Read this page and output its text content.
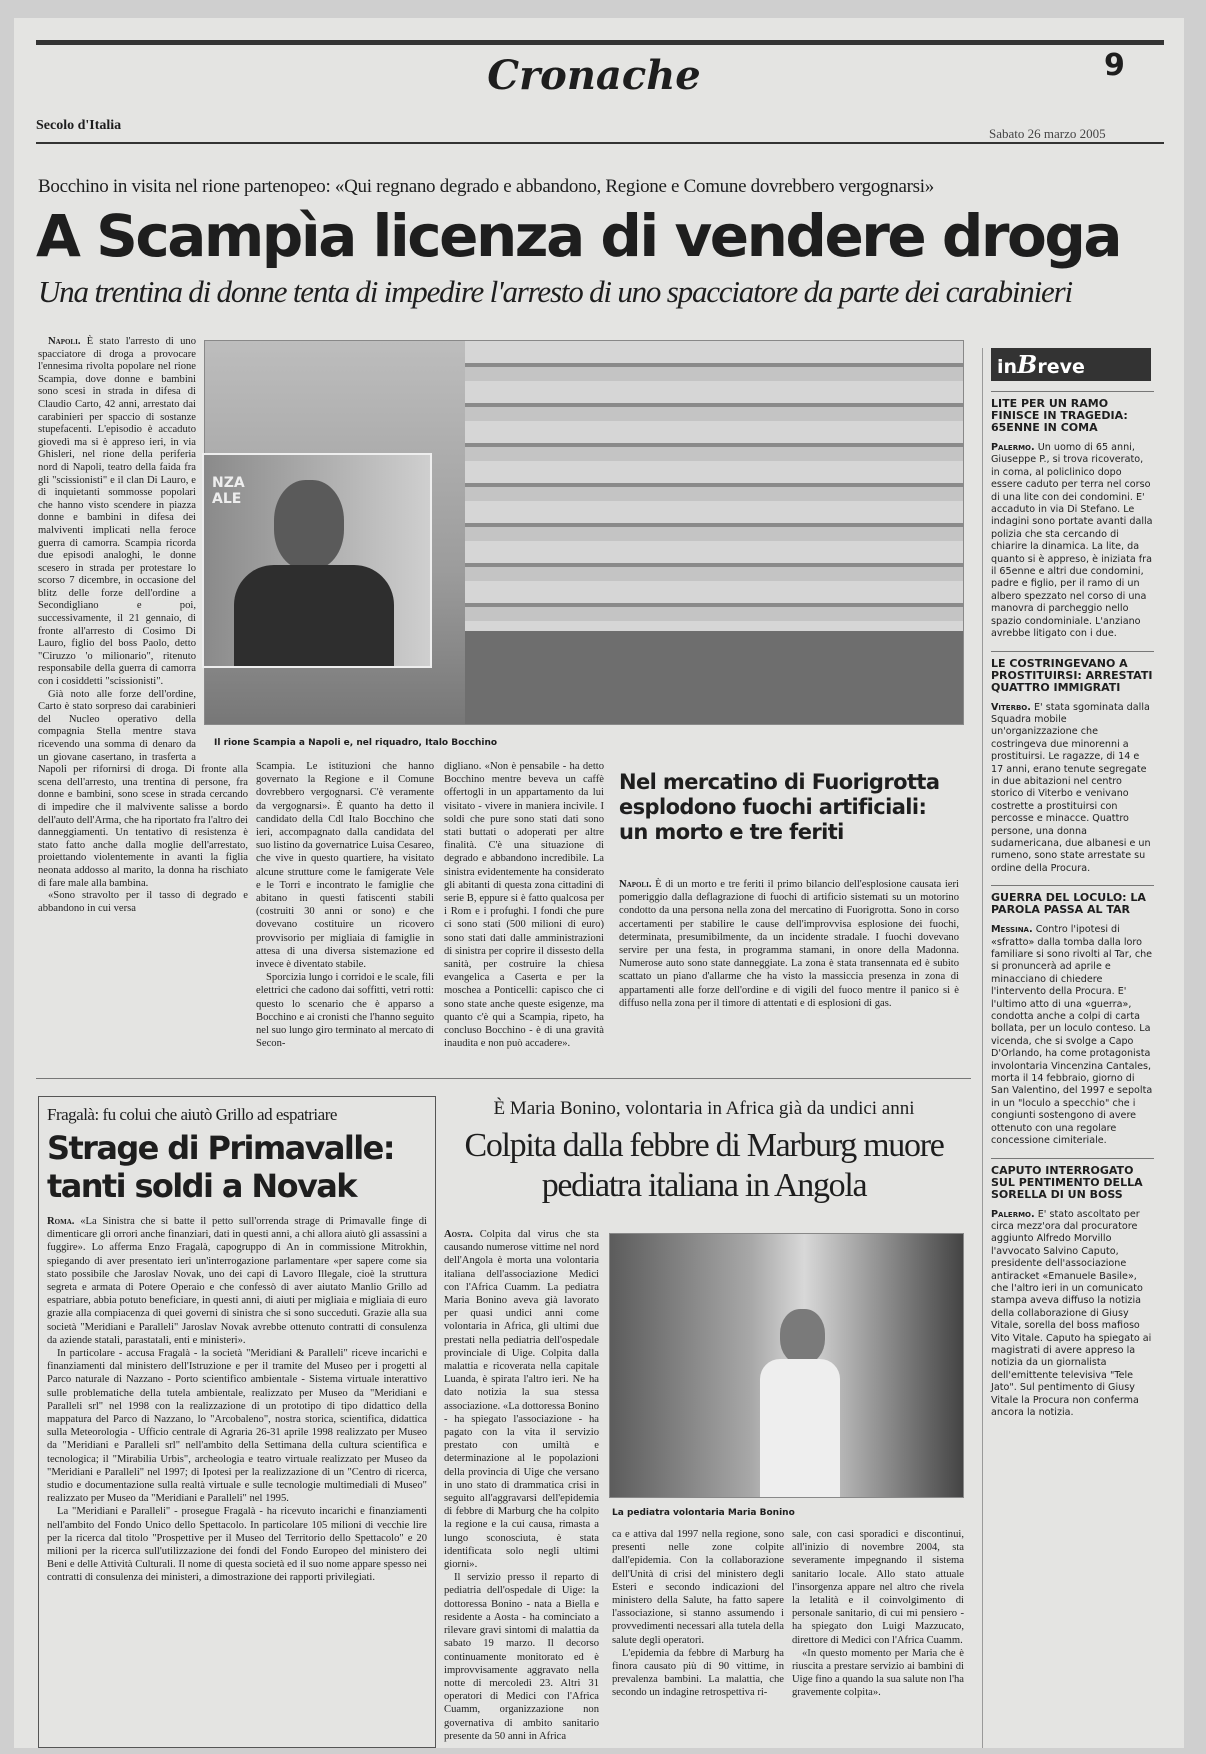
Cronache	9
Secolo d'Italia
Sabato 26 marzo 2005
Bocchino in visita nel rione partenopeo: «Qui regnano degrado e abbandono, Regione e Comune dovrebbero vergognarsi»
A Scampìa licenza di vendere droga
Una trentina di donne tenta di impedire l'arresto di uno spacciatore da parte dei carabinieri

Napoli. È stato l'arresto di uno spacciatore di droga a provocare l'ennesima rivolta popolare nel rione Scampia, dove donne e bambini sono scesi in strada in difesa di Claudio Carto, 42 anni, arrestato dai carabinieri per spaccio di sostanze stupefacenti. L'episodio è accaduto giovedì ma si è appreso ieri, in via Ghisleri, nel rione della periferia nord di Napoli, teatro della faida fra gli "scissionisti" e il clan Di Lauro, e di inquietanti sommosse popolari che hanno visto scendere in piazza donne e bambini in difesa dei malviventi implicati nella feroce guerra di camorra. Scampia ricorda due episodi analoghi, le donne scesero in strada per protestare lo scorso 7 dicembre, in occasione del blitz delle forze dell'ordine a Secondigliano e poi, successivamente, il 21 gennaio, di fronte all'arresto di Cosimo Di Lauro, figlio del boss Paolo, detto "Ciruzzo 'o milionario", ritenuto responsabile della guerra di camorra con i cosiddetti "scissionisti".

Già noto alle forze dell'ordine, Carto è stato sorpreso dai carabinieri del Nucleo operativo della compagnia Stella mentre stava ricevendo una somma di denaro da un giovane casertano, in trasferta a Napoli per rifornirsi di droga. Di fronte alla scena dell'arresto, una trentina di persone, fra donne e bambini, sono scese in strada cercando di impedire che il malvivente salisse a bordo dell'auto dell'Arma, che ha riportato fra l'altro dei danneggiamenti. Un tentativo di resistenza è stato fatto anche dalla moglie dell'arrestato, proiettando violentemente in avanti la figlia neonata addosso al marito, la donna ha rischiato di fare male alla bambina.

«Sono stravolto per il tasso di degrado e abbandono in cui versa

NZA ALE
Il rione Scampia a Napoli e, nel riquadro, Italo Bocchino

Scampia. Le istituzioni che hanno governato la Regione e il Comune dovrebbero vergognarsi. C'è veramente da vergognarsi». È quanto ha detto il candidato della Cdl Italo Bocchino che ieri, accompagnato dalla candidata del suo listino da governatrice Luisa Cesareo, che vive in questo quartiere, ha visitato alcune strutture come le famigerate Vele e le Torri e incontrato le famiglie che abitano in questi fatiscenti stabili (costruiti 30 anni or sono) e che dovevano costituire un ricovero provvisorio per migliaia di famiglie in attesa di una diversa sistemazione ed invece è diventato stabile.

Sporcizia lungo i corridoi e le scale, fili elettrici che cadono dai soffitti, vetri rotti: questo lo scenario che è apparso a Bocchino e ai cronisti che l'hanno seguito nel suo lungo giro terminato al mercato di Secon-

digliano. «Non è pensabile - ha detto Bocchino mentre beveva un caffè offertogli in un appartamento da lui visitato - vivere in maniera incivile. I soldi che pure sono stati dati sono stati buttati o adoperati per altre finalità. C'è una situazione di degrado e abbandono incredibile. La sinistra evidentemente ha considerato gli abitanti di questa zona cittadini di serie B, eppure si è fatto qualcosa per i Rom e i profughi. I fondi che pure ci sono stati (500 milioni di euro) sono stati dati dalle amministrazioni di sinistra per coprire il dissesto della sanità, per costruire la chiesa evangelica a Caserta e per la moschea a Ponticelli: capisco che ci sono state anche queste esigenze, ma quanto c'è qui a Scampia, ripeto, ha concluso Bocchino - è di una gravità inaudita e non può accadere».

Nel mercatino di Fuorigrotta esplodono fuochi artificiali: un morto e tre feriti

Napoli. È di un morto e tre feriti il primo bilancio dell'esplosione causata ieri pomeriggio dalla deflagrazione di fuochi di artificio sistemati su un motorino condotto da una persona nella zona del mercatino di Fuorigrotta. Sono in corso accertamenti per stabilire le cause dell'improvvisa esplosione dei fuochi, determinata, presumibilmente, da un incidente stradale. I fuochi dovevano servire per una festa, in programma stamani, in onore della Madonna. Numerose auto sono state danneggiate. La zona è stata transennata ed è subito scattato un piano d'allarme che ha visto la massiccia presenza in zona di appartamenti alle forze dell'ordine e di vigili del fuoco mentre il panico si è diffuso nella zona per il timore di attentati e di esplosioni di gas.

Fragalà: fu colui che aiutò Grillo ad espatriare
Strage di Primavalle: tanti soldi a Novak

Roma. «La Sinistra che si batte il petto sull'orrenda strage di Primavalle finge di dimenticare gli orrori anche finanziari, dati in questi anni, a chi allora aiutò gli assassini a fuggire». Lo afferma Enzo Fragalà, capogruppo di An in commissione Mitrokhin, spiegando di aver presentato ieri un'interrogazione parlamentare «per sapere come sia stato possibile che Jaroslav Novak, uno dei capi di Lavoro Illegale, cioè la struttura segreta e armata di Potere Operaio e che confessò di aver aiutato Manlio Grillo ad espatriare, abbia potuto beneficiare, in questi anni, di aiuti per migliaia e migliaia di euro grazie alla compiacenza di quei governi di sinistra che si sono succeduti. Grazie alla sua società "Meridiani e Paralleli" Jaroslav Novak avrebbe ottenuto contratti di consulenza da aziende statali, parastatali, enti e ministeri».

In particolare - accusa Fragalà - la società "Meridiani & Paralleli" riceve incarichi e finanziamenti dal ministero dell'Istruzione e per il tramite del Museo per i progetti al Parco naturale di Nazzano - Porto scientifico ambientale - Sistema virtuale interattivo sulle problematiche della tutela ambientale, realizzato per Museo da "Meridiani e Paralleli srl" nel 1998 con la realizzazione di un prototipo di tipo didattico della mappatura del Parco di Nazzano, lo "Arcobaleno", nostra storica, scientifica, didattica sulla Meteorologia - Ufficio centrale di Agraria 26-31 aprile 1998 realizzato per Museo da "Meridiani e Paralleli srl" nell'ambito della Settimana della cultura scientifica e tecnologica; il "Mirabilia Urbis", archeologia e teatro virtuale realizzato per Museo da "Meridiani e Paralleli" nel 1997; di Ipotesi per la realizzazione di un "Centro di ricerca, studio e documentazione sulla realtà virtuale e sulle tecnologie multimediali di Museo" realizzato per Museo da "Meridiani e Paralleli" nel 1995.

La "Meridiani e Paralleli" - prosegue Fragalà - ha ricevuto incarichi e finanziamenti nell'ambito del Fondo Unico dello Spettacolo. In particolare 105 milioni di vecchie lire per la ricerca dal titolo "Prospettive per il Museo del Territorio dello Spettacolo" e 20 milioni per la ricerca sull'utilizzazione dei fondi del Fondo Europeo del ministero dei Beni e delle Attività Culturali. Il nome di questa società ed il suo nome appare spesso nei contratti di consulenza dei ministeri, a dimostrazione dei rapporti privilegiati.

È Maria Bonino, volontaria in Africa già da undici anni
Colpita dalla febbre di Marburg muore pediatra italiana in Angola

Aosta. Colpita dal virus che sta causando numerose vittime nel nord dell'Angola è morta una volontaria italiana dell'associazione Medici con l'Africa Cuamm. La pediatra Maria Bonino aveva già lavorato per quasi undici anni come volontaria in Africa, gli ultimi due prestati nella pediatria dell'ospedale provinciale di Uige. Colpita dalla malattia e ricoverata nella capitale Luanda, è spirata l'altro ieri. Ne ha dato notizia la sua stessa associazione. «La dottoressa Bonino - ha spiegato l'associazione - ha pagato con la vita il servizio prestato con umiltà e determinazione al le popolazioni della provincia di Uige che versano in uno stato di drammatica crisi in seguito all'aggravarsi dell'epidemia di febbre di Marburg che ha colpito la regione e la cui causa, rimasta a lungo sconosciuta, è stata identificata solo negli ultimi giorni».

Il servizio presso il reparto di pediatria dell'ospedale di Uige: la dottoressa Bonino - nata a Biella e residente a Aosta - ha cominciato a rilevare gravi sintomi di malattia da sabato 19 marzo. Il decorso continuamente monitorato ed è improvvisamente aggravato nella notte di mercoledì 23. Altri 31 operatori di Medici con l'Africa Cuamm, organizzazione non governativa di ambito sanitario presente da 50 anni in Africa

La pediatra volontaria Maria Bonino

ca e attiva dal 1997 nella regione, sono presenti nelle zone colpite dall'epidemia. Con la collaborazione dell'Unità di crisi del ministero degli Esteri e secondo indicazioni del ministero della Salute, ha fatto sapere l'associazione, si stanno assumendo i provvedimenti necessari alla tutela della salute degli operatori.

L'epidemia da febbre di Marburg ha finora causato più di 90 vittime, in prevalenza bambini. La malattia, che secondo un indagine retrospettiva ri-

sale, con casi sporadici e discontinui, all'inizio di novembre 2004, sta severamente impegnando il sistema sanitario locale. Allo stato attuale l'insorgenza appare nel altro che rivela la letalità e il coinvolgimento di personale sanitario, di cui mi pensiero - ha spiegato don Luigi Mazzucato, direttore di Medici con l'Africa Cuamm.

«In questo momento per Maria che è riuscita a prestare servizio ai bambini di Uige fino a quando la sua salute non l'ha gravemente colpita».

inBreve
LITE PER UN RAMO FINISCE IN TRAGEDIA: 65ENNE IN COMA
Palermo. Un uomo di 65 anni, Giuseppe P., si trova ricoverato, in coma, al policlinico dopo essere caduto per terra nel corso di una lite con dei condomini. E' accaduto in via Di Stefano. Le indagini sono portate avanti dalla polizia che sta cercando di chiarire la dinamica. La lite, da quanto si è appreso, è iniziata fra il 65enne e altri due condomini, padre e figlio, per il ramo di un albero spezzato nel corso di una manovra di parcheggio nello spazio condominiale. L'anziano avrebbe litigato con i due.
LE COSTRINGEVANO A PROSTITUIRSI: ARRESTATI QUATTRO IMMIGRATI
Viterbo. E' stata sgominata dalla Squadra mobile un'organizzazione che costringeva due minorenni a prostituirsi. Le ragazze, di 14 e 17 anni, erano tenute segregate in due abitazioni nel centro storico di Viterbo e venivano costrette a prostituirsi con percosse e minacce. Quattro persone, una donna sudamericana, due albanesi e un rumeno, sono state arrestate su ordine della Procura.
GUERRA DEL LOCULO: LA PAROLA PASSA AL TAR
Messina. Contro l'ipotesi di «sfratto» dalla tomba dalla loro familiare si sono rivolti al Tar, che si pronuncerà ad aprile e minacciano di chiedere l'intervento della Procura. E' l'ultimo atto di una «guerra», condotta anche a colpi di carta bollata, per un loculo conteso. La vicenda, che si svolge a Capo D'Orlando, ha come protagonista involontaria Vincenzina Cantales, morta il 14 febbraio, giorno di San Valentino, del 1997 e sepolta in un "loculo a specchio" che i congiunti sostengono di avere ottenuto con una regolare concessione cimiteriale.
CAPUTO INTERROGATO SUL PENTIMENTO DELLA SORELLA DI UN BOSS
Palermo. E' stato ascoltato per circa mezz'ora dal procuratore aggiunto Alfredo Morvillo l'avvocato Salvino Caputo, presidente dell'associazione antiracket «Emanuele Basile», che l'altro ieri in un comunicato stampa aveva diffuso la notizia della collaborazione di Giusy Vitale, sorella del boss mafioso Vito Vitale. Caputo ha spiegato ai magistrati di avere appreso la notizia da un giornalista dell'emittente televisiva "Tele Jato". Sul pentimento di Giusy Vitale la Procura non conferma ancora la notizia.
